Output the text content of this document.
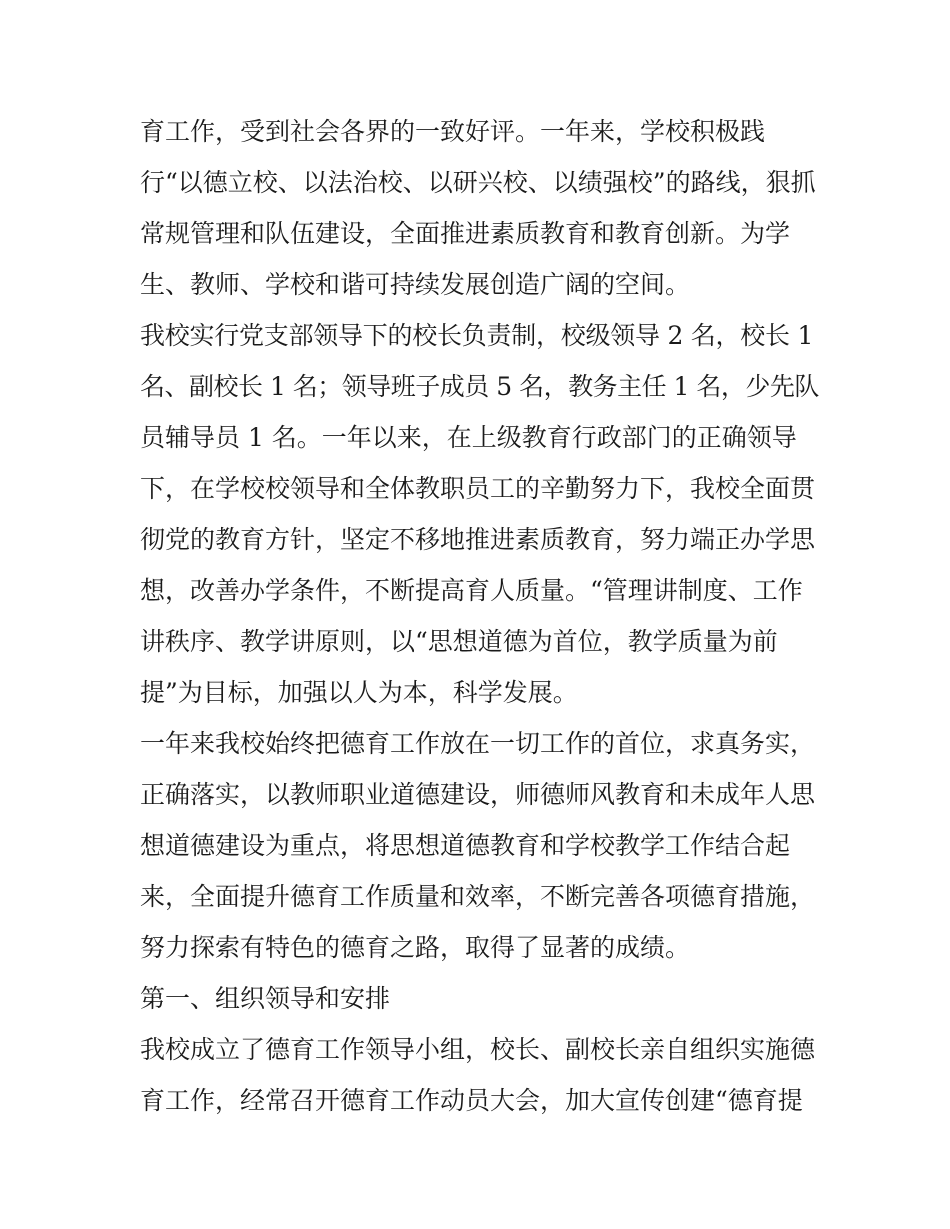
育工作，受到社会各界的一致好评。一年来，学校积极践
行“以德立校、以法治校、以研兴校、以绩强校”的路线，狠抓
常规管理和队伍建设，全面推进素质教育和教育创新。为学
生、教师、学校和谐可持续发展创造广阔的空间。
我校实行党支部领导下的校长负责制，校级领导 2 名，校长 1
名、副校长 1 名；领导班子成员 5 名，教务主任 1 名，少先队
员辅导员 1 名。一年以来，在上级教育行政部门的正确领导
下，在学校校领导和全体教职员工的辛勤努力下，我校全面贯
彻党的教育方针，坚定不移地推进素质教育，努力端正办学思
想，改善办学条件，不断提高育人质量。“管理讲制度、工作
讲秩序、教学讲原则，以“思想道德为首位，教学质量为前
提”为目标，加强以人为本，科学发展。
一年来我校始终把德育工作放在一切工作的首位，求真务实，
正确落实，以教师职业道德建设，师德师风教育和未成年人思
想道德建设为重点，将思想道德教育和学校教学工作结合起
来，全面提升德育工作质量和效率，不断完善各项德育措施，
努力探索有特色的德育之路，取得了显著的成绩。
第一、组织领导和安排
我校成立了德育工作领导小组，校长、副校长亲自组织实施德
育工作，经常召开德育工作动员大会，加大宣传创建“德育提
